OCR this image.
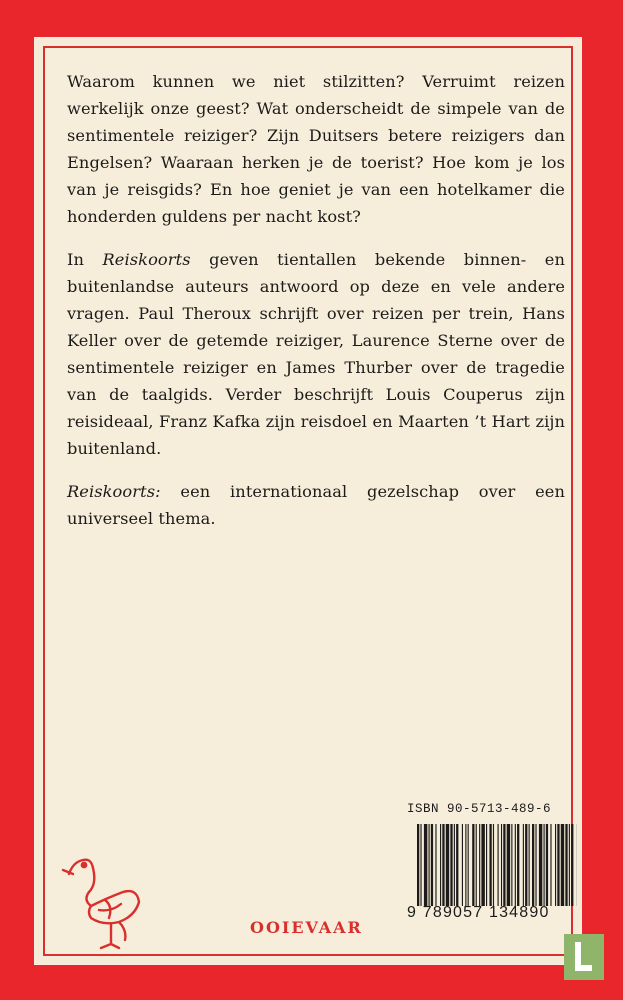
Waarom kunnen we niet stilzitten? Verruimt reizen werkelijk onze geest? Wat onderscheidt de simpele van de sentimentele reiziger? Zijn Duitsers betere reizigers dan Engelsen? Waaraan herken je de toerist? Hoe kom je los van je reisgids? En hoe geniet je van een hotelkamer die honderden guldens per nacht kost?

In Reiskoorts geven tientallen bekende binnen- en buitenlandse auteurs antwoord op deze en vele andere vragen. Paul Theroux schrijft over reizen per trein, Hans Keller over de getemde reiziger, Laurence Sterne over de sentimentele reiziger en James Thurber over de tragedie van de taalgids. Verder beschrijft Louis Couperus zijn reisideaal, Franz Kafka zijn reisdoel en Maarten ’t Hart zijn buitenland.

Reiskoorts: een internationaal gezelschap over een universeel thema.

ISBN 90-5713-489-6
9 789057 134890
OOIEVAAR
